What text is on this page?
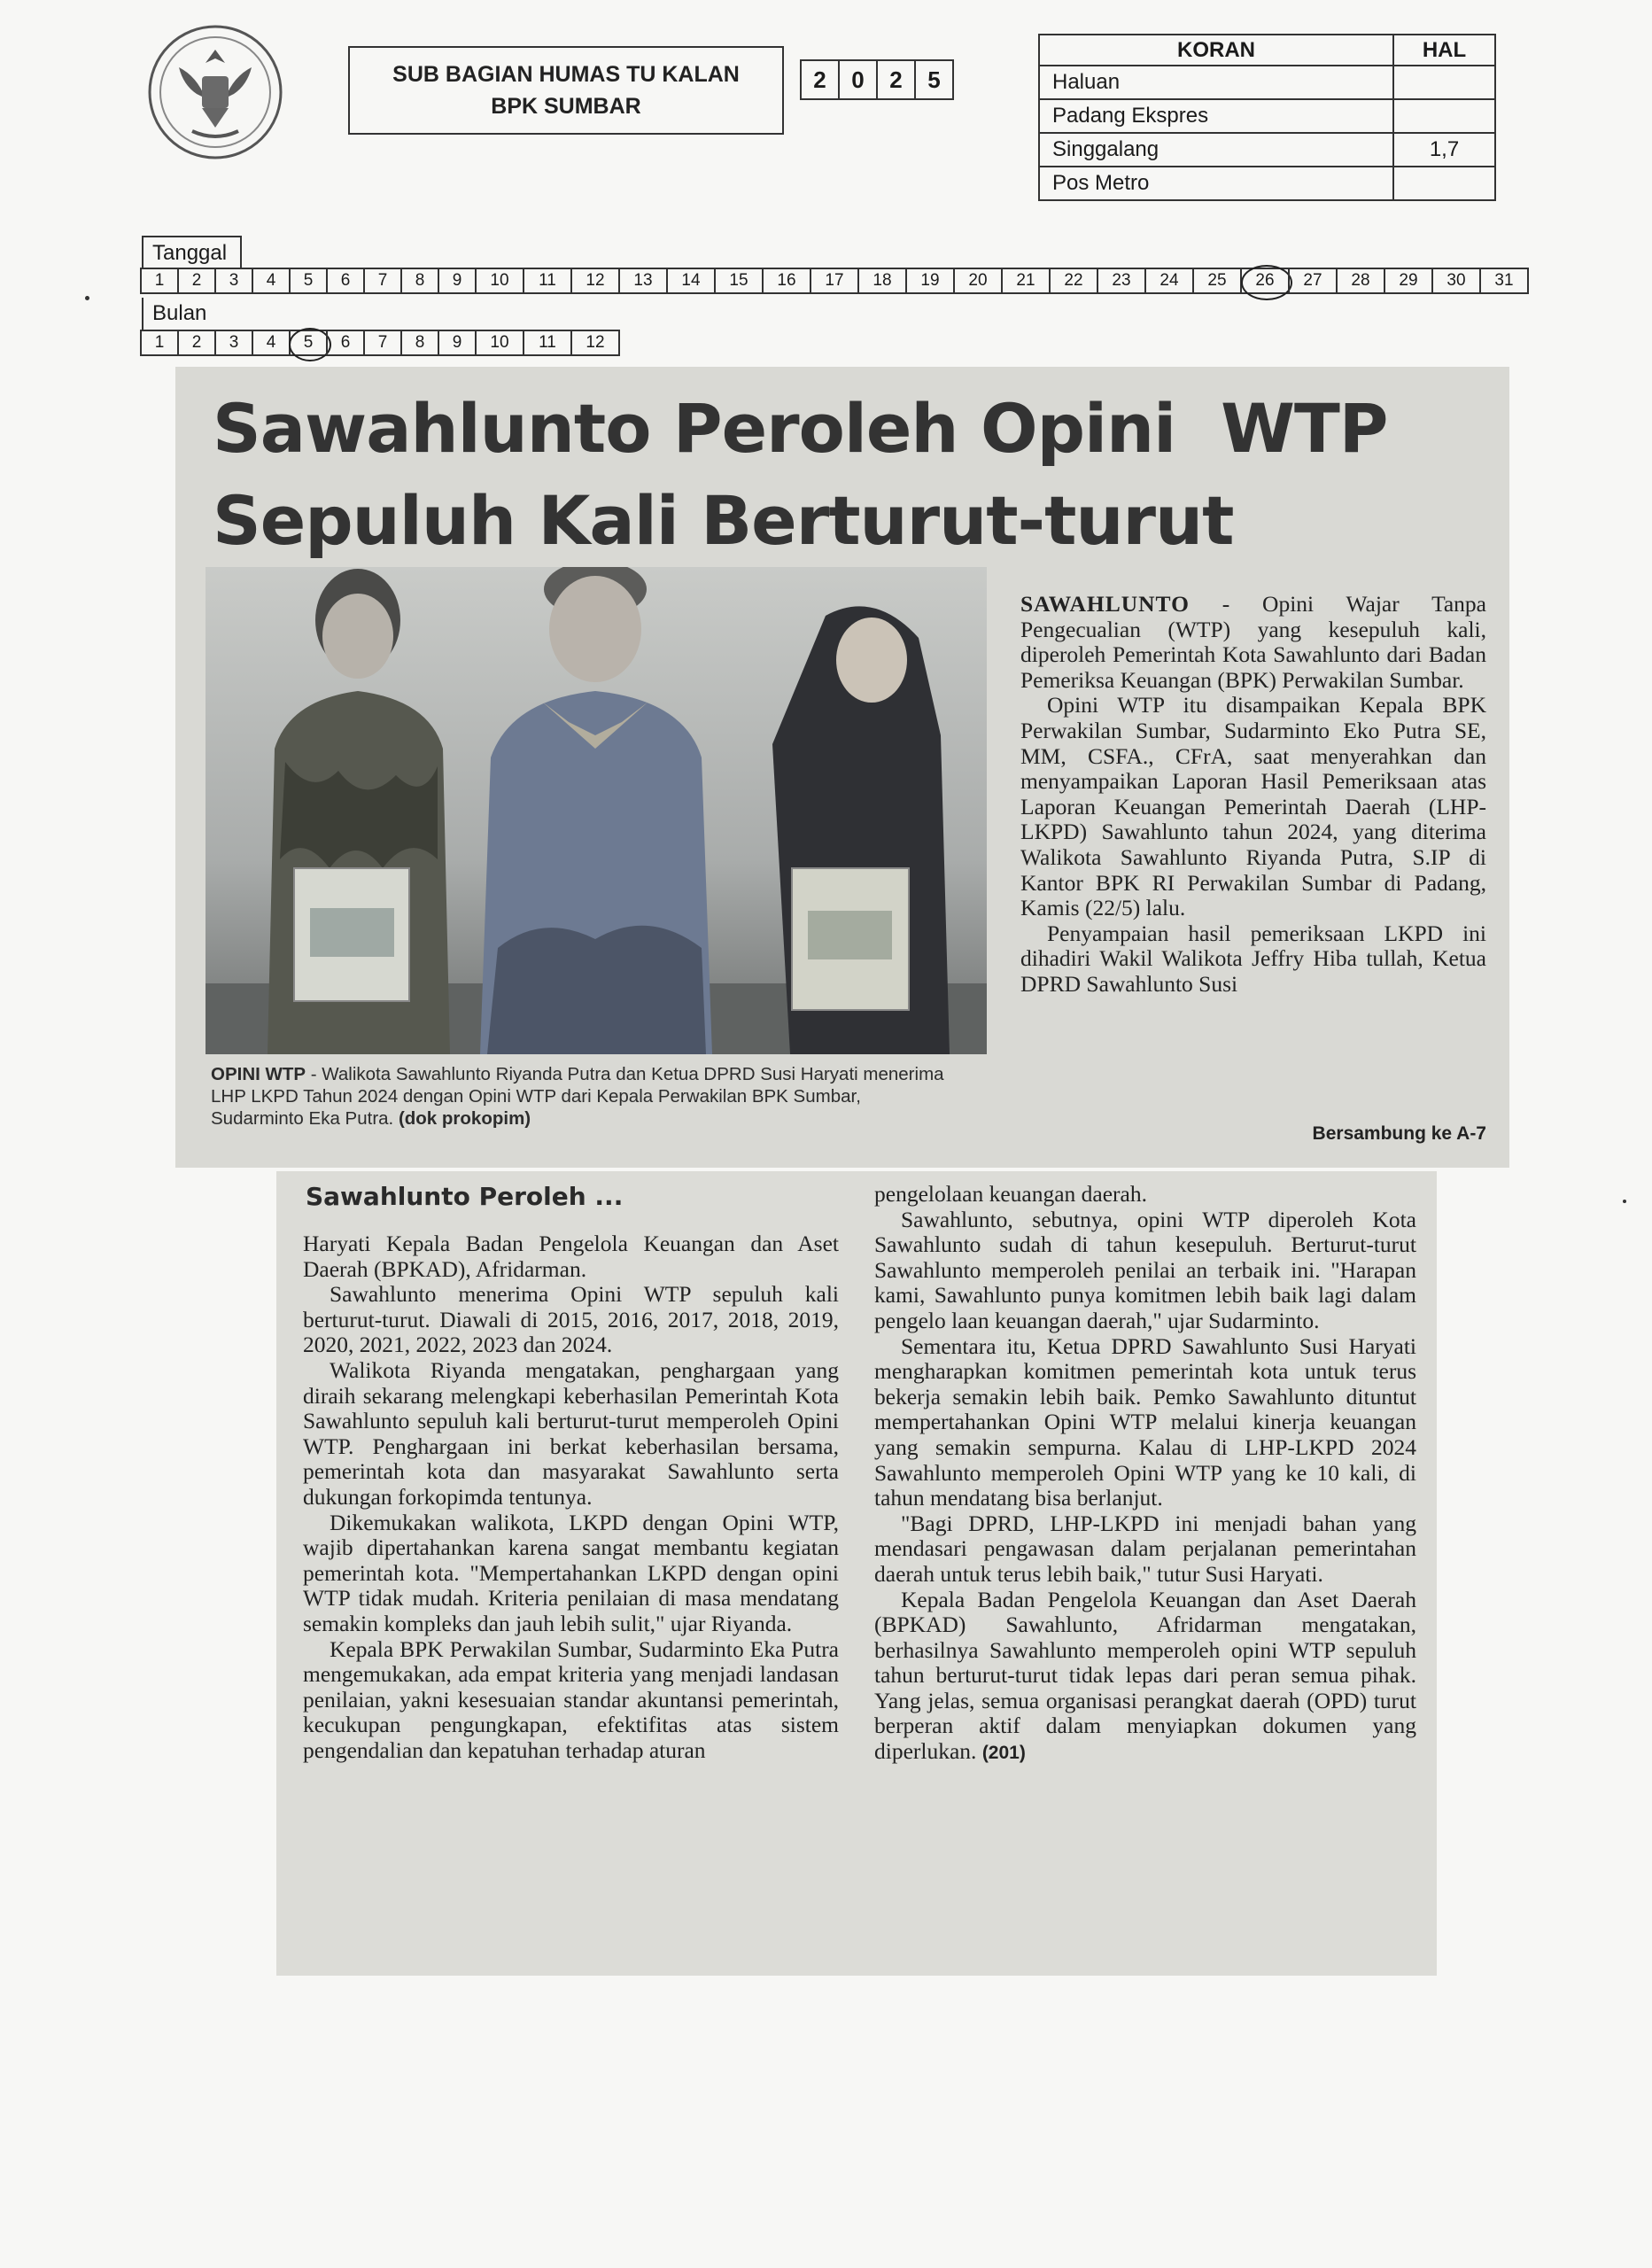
SUB BAGIAN HUMAS TU KALAN
BPK SUMBAR
2	0	2	5
KORAN	HAL
Haluan	
Padang Ekspres	
Singgalang	1,7
Pos Metro	
Tanggal
1	2	3	4	5	6	7	8	9	10	11	12	13	14	15	16	17	18	19	20	21	22	23	24	25	26	27	28	29	30	31
Bulan
1	2	3	4	5	6	7	8	9	10	11	12
Sawahlunto Peroleh Opini  WTP
Sepuluh Kali Berturut-turut
OPINI WTP - Walikota Sawahlunto Riyanda Putra dan Ketua DPRD Susi Haryati menerima LHP LKPD Tahun 2024 dengan Opini WTP dari Kepala Perwakilan BPK Sumbar, Sudarminto Eka Putra. (dok prokopim)

SAWAHLUNTO - Opini Wajar Tanpa Pengecualian (WTP) yang kesepuluh kali, diperoleh Pemerintah Kota Sawahlunto dari Badan Pemeriksa Keuangan (BPK) Perwakilan Sumbar.

Opini WTP itu disampaikan Kepala BPK Perwakilan Sumbar, Sudarminto Eko Putra SE, MM, CSFA., CFrA, saat menyerahkan dan menyampaikan Laporan Hasil Pemeriksaan atas Laporan Keuangan Pemerintah Daerah (LHP-LKPD) Sawahlunto tahun 2024, yang diterima Walikota Sawahlunto Riyanda Putra, S.IP di Kantor BPK RI Perwakilan Sumbar di Padang, Kamis (22/5) lalu.

Penyampaian hasil pemeriksaan LKPD ini dihadiri Wakil Walikota Jeffry Hiba tullah, Ketua DPRD Sawahlunto Susi

Bersambung ke A-7
Sawahlunto Peroleh ...

Haryati Kepala Badan Pengelola Keuangan dan Aset Daerah (BPKAD), Afridarman.

Sawahlunto menerima Opini WTP sepuluh kali berturut-turut. Diawali di 2015, 2016, 2017, 2018, 2019, 2020, 2021, 2022, 2023 dan 2024.

Walikota Riyanda mengatakan, penghargaan yang diraih sekarang melengkapi keberhasilan Pemerintah Kota Sawahlunto sepuluh kali berturut-turut memperoleh Opini WTP. Penghargaan ini berkat keberhasilan bersama, pemerintah kota dan masyarakat Sawahlunto serta dukungan forkopimda tentunya.

Dikemukakan walikota, LKPD dengan Opini WTP, wajib dipertahankan karena sangat membantu kegiatan pemerintah kota. "Mempertahankan LKPD dengan opini WTP tidak mudah. Kriteria penilaian di masa mendatang semakin kompleks dan jauh lebih sulit," ujar Riyanda.

Kepala BPK Perwakilan Sumbar, Sudarminto Eka Putra mengemukakan, ada empat kriteria yang menjadi landasan penilaian, yakni kesesuaian standar akuntansi pemerintah, kecukupan pengungkapan, efektifitas atas sistem pengendalian dan kepatuhan terhadap aturan

pengelolaan keuangan daerah.

Sawahlunto, sebutnya, opini WTP diperoleh Kota Sawahlunto sudah di tahun kesepuluh. Berturut-turut Sawahlunto memperoleh penilai an terbaik ini. "Harapan kami, Sawahlunto punya komitmen lebih baik lagi dalam pengelo laan keuangan daerah," ujar Sudarminto.

Sementara itu, Ketua DPRD Sawahlunto Susi Haryati mengharapkan komitmen pemerintah kota untuk terus bekerja semakin lebih baik. Pemko Sawahlunto dituntut mempertahankan Opini WTP melalui kinerja keuangan yang semakin sempurna. Kalau di LHP-LKPD 2024 Sawahlunto memperoleh Opini WTP yang ke 10 kali, di tahun mendatang bisa berlanjut.

"Bagi DPRD, LHP-LKPD ini menjadi bahan yang mendasari pengawasan dalam perjalanan pemerintahan daerah untuk terus lebih baik," tutur Susi Haryati.

Kepala Badan Pengelola Keuangan dan Aset Daerah (BPKAD) Sawahlunto, Afridarman mengatakan, berhasilnya Sawahlunto memperoleh opini WTP sepuluh tahun berturut-turut tidak lepas dari peran semua pihak. Yang jelas, semua organisasi perangkat daerah (OPD) turut berperan aktif dalam menyiapkan dokumen yang diperlukan. (201)
